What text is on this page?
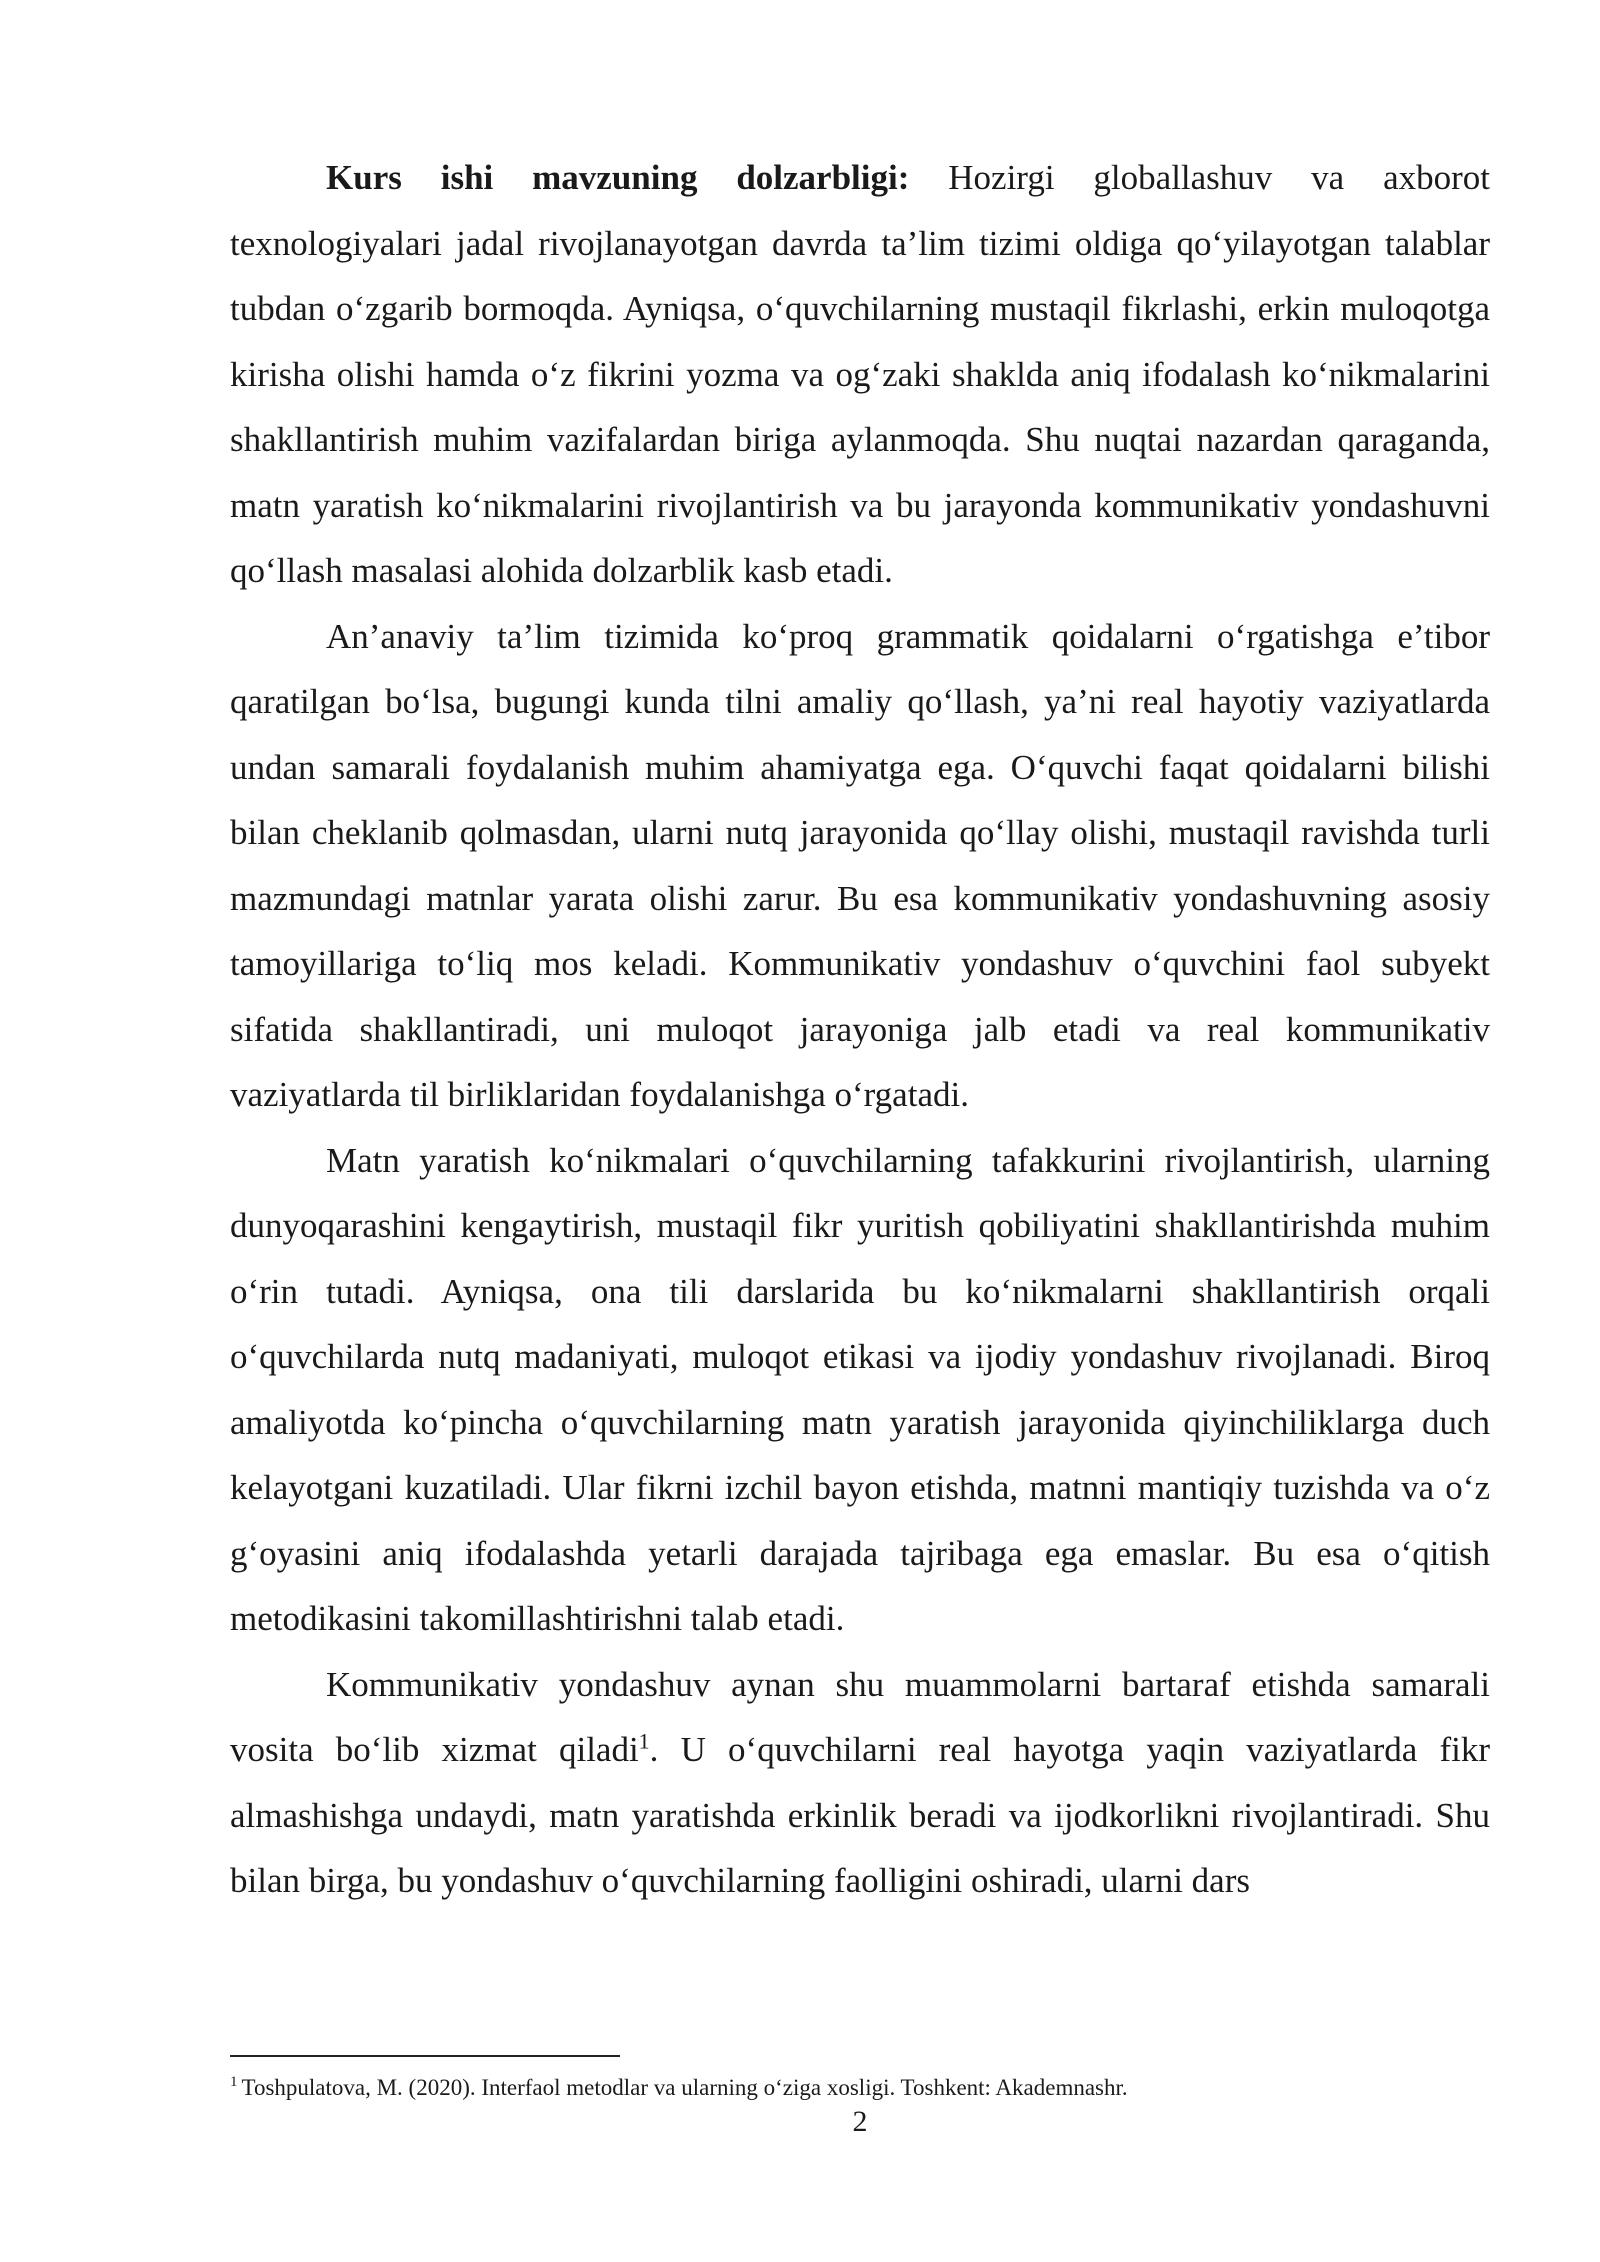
Kurs ishi mavzuning dolzarbligi: Hozirgi globallashuv va axborot texnologiyalari jadal rivojlanayotgan davrda ta’lim tizimi oldiga qo‘yilayotgan talablar tubdan o‘zgarib bormoqda. Ayniqsa, o‘quvchilarning mustaqil fikrlashi, erkin muloqotga kirisha olishi hamda o‘z fikrini yozma va og‘zaki shaklda aniq ifodalash ko‘nikmalarini shakllantirish muhim vazifalardan biriga aylanmoqda. Shu nuqtai nazardan qaraganda, matn yaratish ko‘nikmalarini rivojlantirish va bu jarayonda kommunikativ yondashuvni qo‘llash masalasi alohida dolzarblik kasb etadi.

An’anaviy ta’lim tizimida ko‘proq grammatik qoidalarni o‘rgatishga e’tibor qaratilgan bo‘lsa, bugungi kunda tilni amaliy qo‘llash, ya’ni real hayotiy vaziyatlarda undan samarali foydalanish muhim ahamiyatga ega. O‘quvchi faqat qoidalarni bilishi bilan cheklanib qolmasdan, ularni nutq jarayonida qo‘llay olishi, mustaqil ravishda turli mazmundagi matnlar yarata olishi zarur. Bu esa kommunikativ yondashuvning asosiy tamoyillariga to‘liq mos keladi. Kommunikativ yondashuv o‘quvchini faol subyekt sifatida shakllantiradi, uni muloqot jarayoniga jalb etadi va real kommunikativ vaziyatlarda til birliklaridan foydalanishga o‘rgatadi.

Matn yaratish ko‘nikmalari o‘quvchilarning tafakkurini rivojlantirish, ularning dunyoqarashini kengaytirish, mustaqil fikr yuritish qobiliyatini shakllantirishda muhim o‘rin tutadi. Ayniqsa, ona tili darslarida bu ko‘nikmalarni shakllantirish orqali o‘quvchilarda nutq madaniyati, muloqot etikasi va ijodiy yondashuv rivojlanadi. Biroq amaliyotda ko‘pincha o‘quvchilarning matn yaratish jarayonida qiyinchiliklarga duch kelayotgani kuzatiladi. Ular fikrni izchil bayon etishda, matnni mantiqiy tuzishda va o‘z g‘oyasini aniq ifodalashda yetarli darajada tajribaga ega emaslar. Bu esa o‘qitish metodikasini takomillashtirishni talab etadi.

Kommunikativ yondashuv aynan shu muammolarni bartaraf etishda samarali vosita bo‘lib xizmat qiladi$^1$. U o‘quvchilarni real hayotga yaqin vaziyatlarda fikr almashishga undaydi, matn yaratishda erkinlik beradi va ijodkorlikni rivojlantiradi. Shu bilan birga, bu yondashuv o‘quvchilarning faolligini oshiradi, ularni dars

$^1$ Toshpulatova, M. (2020). Interfaol metodlar va ularning o‘ziga xosligi. Toshkent: Akademnashr.
2
